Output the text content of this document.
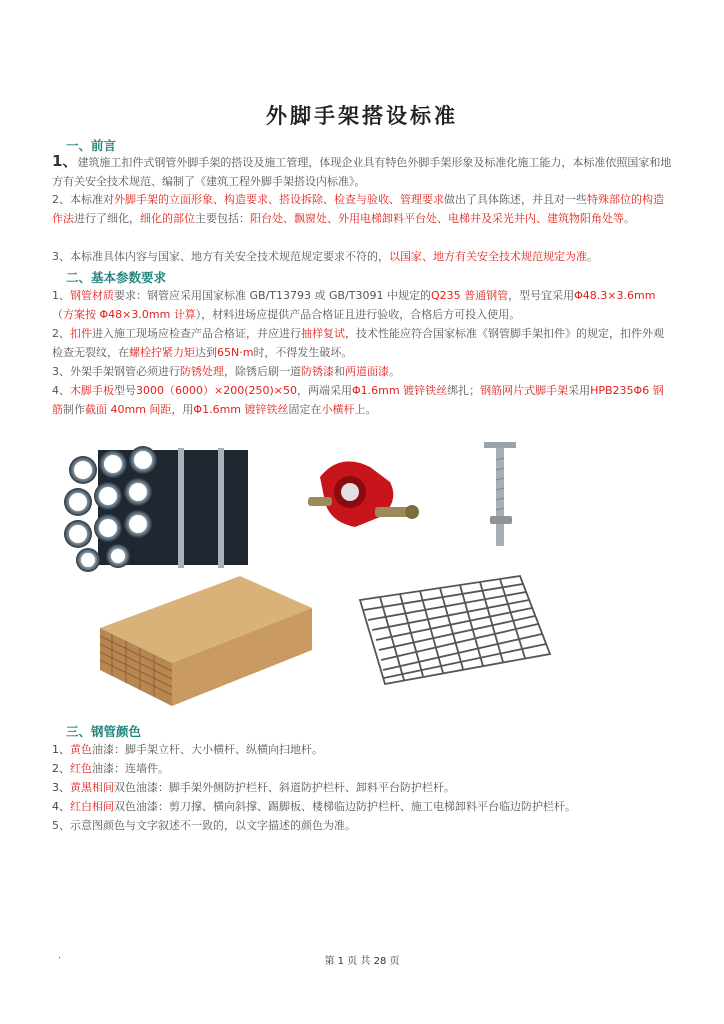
外脚手架搭设标准
一、前言
1、建筑施工扣件式钢管外脚手架的搭设及施工管理，体现企业具有特色外脚手架形象及标准化施工能力，本标准依照国家和地方有关安全技术规范、编制了《建筑工程外脚手架搭设内标准》。
2、本标准对外脚手架的立面形象、构造要求、搭设拆除、检查与验收、管理要求做出了具体陈述，并且对一些特殊部位的构造作法进行了细化，细化的部位主要包括：阳台处、飘窗处、外用电梯卸料平台处、电梯井及采光井内、建筑物阳角处等。
3、本标准具体内容与国家、地方有关安全技术规范规定要求不符的，以国家、地方有关安全技术规范规定为准。
二、基本参数要求
1、钢管材质要求：钢管应采用国家标准 GB/T13793 或 GB/T3091 中规定的Q235 普通钢管，型号宜采用Φ48.3×3.6mm（方案按 Φ48×3.0mm 计算），材料进场应提供产品合格证且进行验收，合格后方可投入使用。
2、扣件进入施工现场应检查产品合格证，并应进行抽样复试，技术性能应符合国家标准《钢管脚手架扣件》的规定，扣件外观检查无裂纹，在螺栓拧紧力矩达到65N·m时，不得发生破坏。
3、外架手架钢管必须进行防锈处理，除锈后刷一道防锈漆和两道面漆。
4、木脚手板型号3000（6000）×200(250)×50，两端采用Φ1.6mm 镀锌铁丝绑扎；钢筋网片式脚手架采用HPB235Φ6 钢筋制作截面 40mm 间距，用Φ1.6mm 镀锌铁丝固定在小横杆上。
三、钢管颜色
1、黄色油漆：脚手架立杆、大小横杆、纵横向扫地杆。
2、红色油漆：连墙件。
3、黄黑相间双色油漆：脚手架外侧防护栏杆、斜道防护栏杆、卸料平台防护栏杆。
4、红白相间双色油漆：剪刀撑、横向斜撑、踢脚板、楼梯临边防护栏杆、施工电梯卸料平台临边防护栏杆。
5、示意图颜色与文字叙述不一致的，以文字描述的颜色为准。
.
第 1 页 共 28 页
